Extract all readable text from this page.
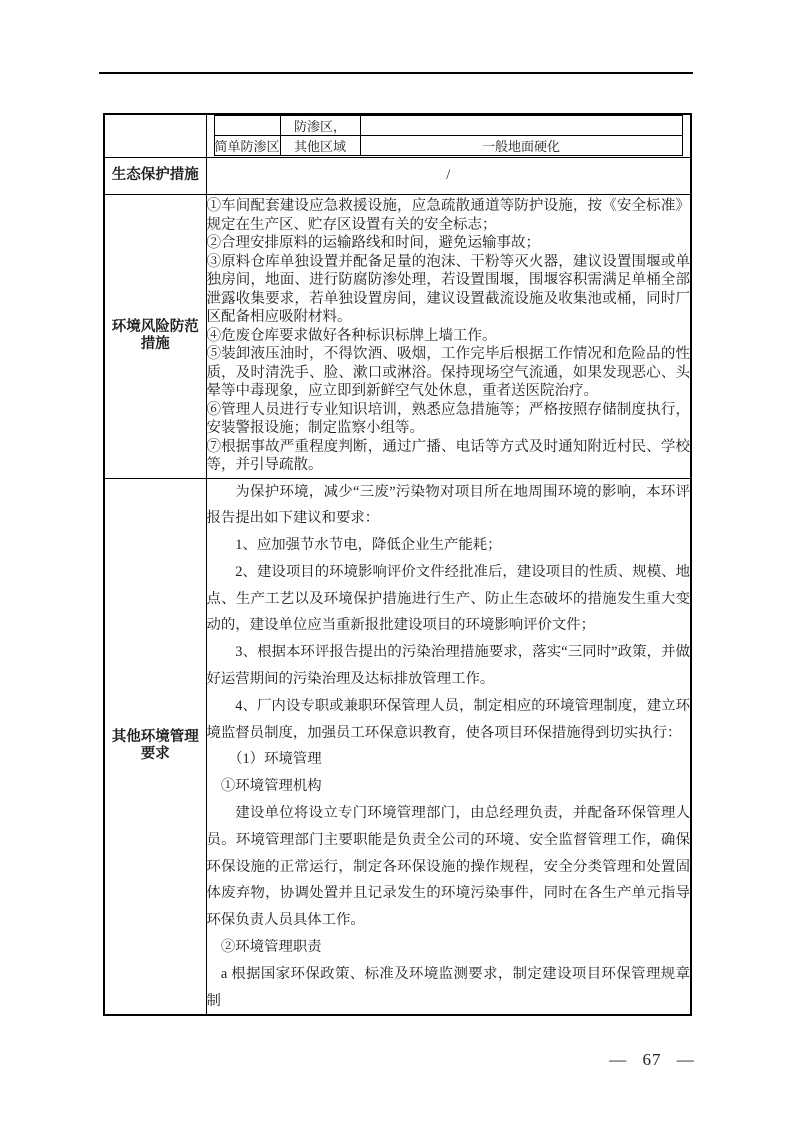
	防渗区，	
简单防渗区	其他区域	一般地面硬化

生态保护措施	/

环境风险防范
措施

①车间配套建设应急救援设施，应急疏散通道等防护设施，按《安全标准》规定在生产区、贮存区设置有关的安全标志；

②合理安排原料的运输路线和时间，避免运输事故；

③原料仓库单独设置并配备足量的泡沫、干粉等灭火器，建议设置围堰或单独房间，地面、进行防腐防渗处理，若设置围堰，围堰容积需满足单桶全部泄露收集要求，若单独设置房间，建议设置截流设施及收集池或桶，同时厂区配备相应吸附材料。

④危废仓库要求做好各种标识标牌上墙工作。

⑤装卸液压油时，不得饮酒、吸烟，工作完毕后根据工作情况和危险品的性质，及时清洗手、脸、漱口或淋浴。保持现场空气流通，如果发现恶心、头晕等中毒现象，应立即到新鲜空气处休息，重者送医院治疗。

⑥管理人员进行专业知识培训，熟悉应急措施等；严格按照存储制度执行，安装警报设施；制定监察小组等。

⑦根据事故严重程度判断，通过广播、电话等方式及时通知附近村民、学校等，并引导疏散。

其他环境管理
要求

为保护环境，减少“三废”污染物对项目所在地周围环境的影响，本环评报告提出如下建议和要求：

1、应加强节水节电，降低企业生产能耗；

2、建设项目的环境影响评价文件经批准后，建设项目的性质、规模、地点、生产工艺以及环境保护措施进行生产、防止生态破坏的措施发生重大变动的，建设单位应当重新报批建设项目的环境影响评价文件；

3、根据本环评报告提出的污染治理措施要求，落实“三同时”政策，并做好运营期间的污染治理及达标排放管理工作。

4、厂内设专职或兼职环保管理人员，制定相应的环境管理制度，建立环境监督员制度，加强员工环保意识教育，使各项目环保措施得到切实执行：

（1）环境管理

①环境管理机构

建设单位将设立专门环境管理部门，由总经理负责，并配备环保管理人员。环境管理部门主要职能是负责全公司的环境、安全监督管理工作，确保环保设施的正常运行，制定各环保设施的操作规程，安全分类管理和处置固体废弃物，协调处置并且记录发生的环境污染事件，同时在各生产单元指导环保负责人员具体工作。

②环境管理职责

a 根据国家环保政策、标准及环境监测要求，制定建设项目环保管理规章制

— 67 —
